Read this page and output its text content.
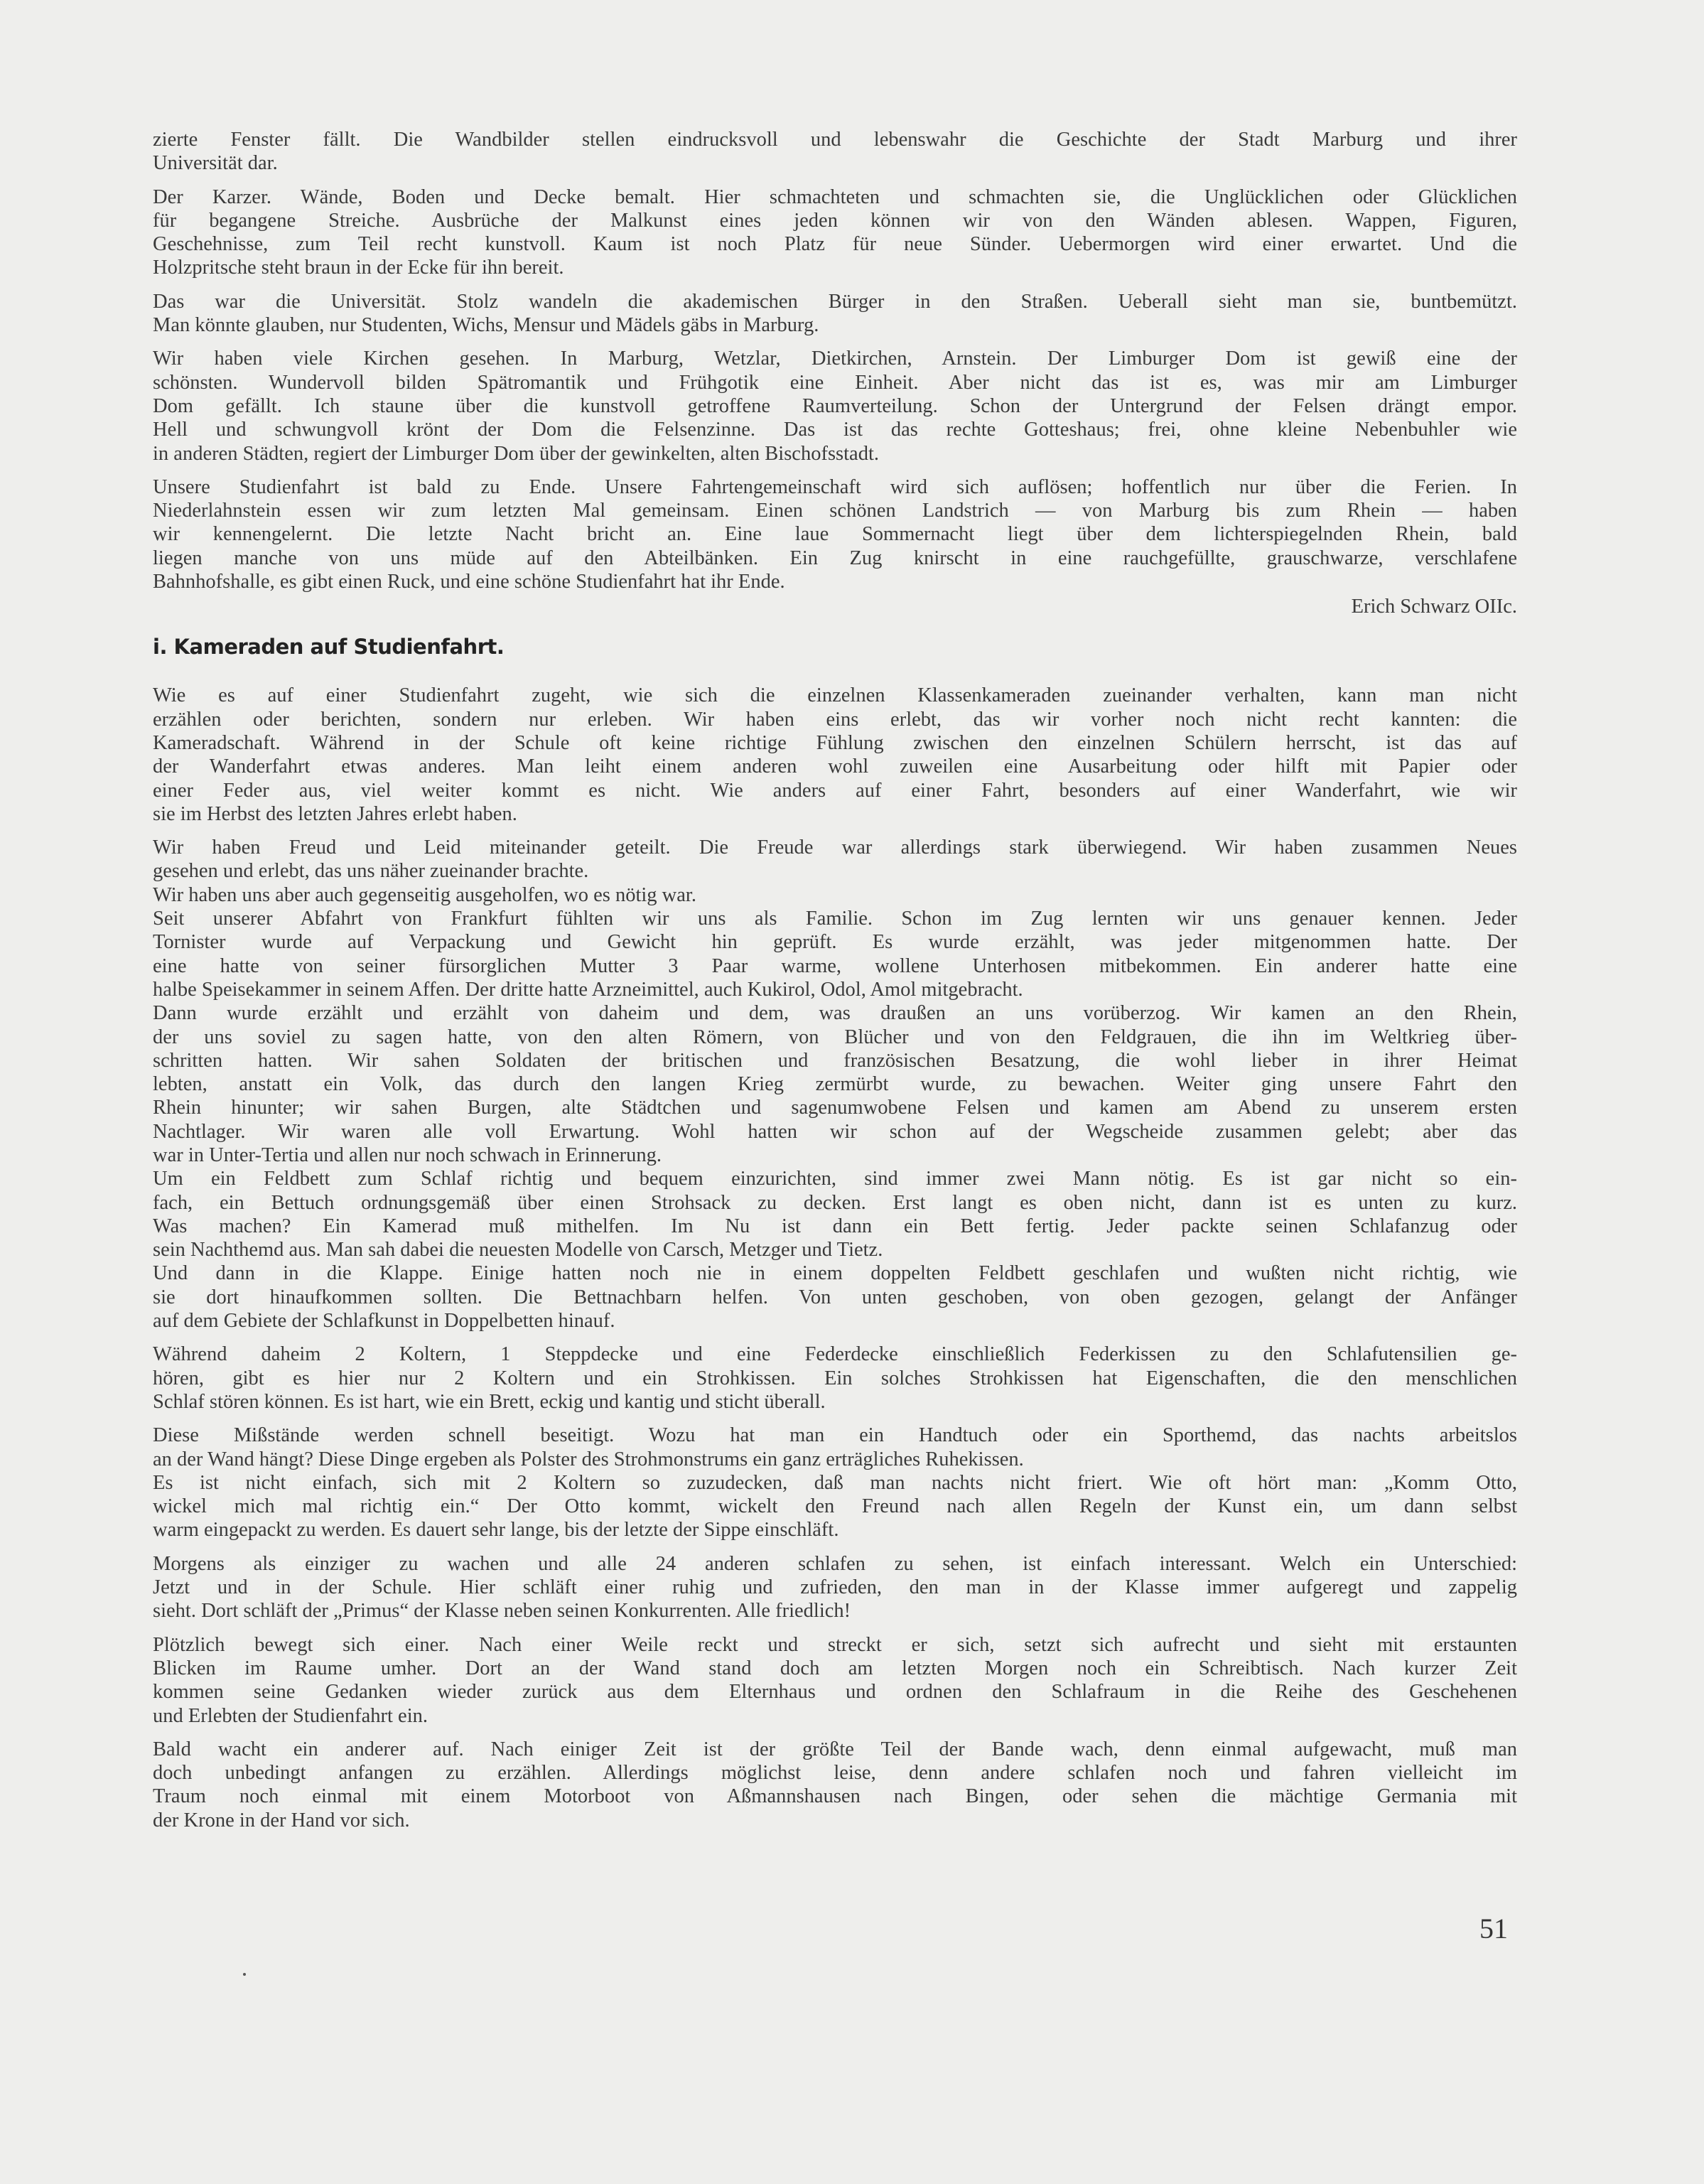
zierte Fenster fällt. Die Wandbilder stellen eindrucksvoll und lebenswahr die Geschichte der Stadt Marburg und ihrer
Universität dar.
Der Karzer. Wände, Boden und Decke bemalt. Hier schmachteten und schmachten sie, die Unglücklichen oder Glücklichen
für begangene Streiche. Ausbrüche der Malkunst eines jeden können wir von den Wänden ablesen. Wappen, Figuren,
Geschehnisse, zum Teil recht kunstvoll. Kaum ist noch Platz für neue Sünder. Uebermorgen wird einer erwartet. Und die
Holzpritsche steht braun in der Ecke für ihn bereit.
Das war die Universität. Stolz wandeln die akademischen Bürger in den Straßen. Ueberall sieht man sie, buntbemützt.
Man könnte glauben, nur Studenten, Wichs, Mensur und Mädels gäbs in Marburg.
Wir haben viele Kirchen gesehen. In Marburg, Wetzlar, Dietkirchen, Arnstein. Der Limburger Dom ist gewiß eine der
schönsten. Wundervoll bilden Spätromantik und Frühgotik eine Einheit. Aber nicht das ist es, was mir am Limburger
Dom gefällt. Ich staune über die kunstvoll getroffene Raumverteilung. Schon der Untergrund der Felsen drängt empor.
Hell und schwungvoll krönt der Dom die Felsenzinne. Das ist das rechte Gotteshaus; frei, ohne kleine Nebenbuhler wie
in anderen Städten, regiert der Limburger Dom über der gewinkelten, alten Bischofsstadt.
Unsere Studienfahrt ist bald zu Ende. Unsere Fahrtengemeinschaft wird sich auflösen; hoffentlich nur über die Ferien. In
Niederlahnstein essen wir zum letzten Mal gemeinsam. Einen schönen Landstrich — von Marburg bis zum Rhein — haben
wir kennengelernt. Die letzte Nacht bricht an. Eine laue Sommernacht liegt über dem lichterspiegelnden Rhein, bald
liegen manche von uns müde auf den Abteilbänken. Ein Zug knirscht in eine rauchgefüllte, grauschwarze, verschlafene
Bahnhofshalle, es gibt einen Ruck, und eine schöne Studienfahrt hat ihr Ende.
Erich Schwarz OIIc.
i. Kameraden auf Studienfahrt.
Wie es auf einer Studienfahrt zugeht, wie sich die einzelnen Klassenkameraden zueinander verhalten, kann man nicht
erzählen oder berichten, sondern nur erleben. Wir haben eins erlebt, das wir vorher noch nicht recht kannten: die
Kameradschaft. Während in der Schule oft keine richtige Fühlung zwischen den einzelnen Schülern herrscht, ist das auf
der Wanderfahrt etwas anderes. Man leiht einem anderen wohl zuweilen eine Ausarbeitung oder hilft mit Papier oder
einer Feder aus, viel weiter kommt es nicht. Wie anders auf einer Fahrt, besonders auf einer Wanderfahrt, wie wir
sie im Herbst des letzten Jahres erlebt haben.
Wir haben Freud und Leid miteinander geteilt. Die Freude war allerdings stark überwiegend. Wir haben zusammen Neues
gesehen und erlebt, das uns näher zueinander brachte.
Wir haben uns aber auch gegenseitig ausgeholfen, wo es nötig war.
Seit unserer Abfahrt von Frankfurt fühlten wir uns als Familie. Schon im Zug lernten wir uns genauer kennen. Jeder
Tornister wurde auf Verpackung und Gewicht hin geprüft. Es wurde erzählt, was jeder mitgenommen hatte. Der
eine hatte von seiner fürsorglichen Mutter 3 Paar warme, wollene Unterhosen mitbekommen. Ein anderer hatte eine
halbe Speisekammer in seinem Affen. Der dritte hatte Arzneimittel, auch Kukirol, Odol, Amol mitgebracht.
Dann wurde erzählt und erzählt von daheim und dem, was draußen an uns vorüberzog. Wir kamen an den Rhein,
der uns soviel zu sagen hatte, von den alten Römern, von Blücher und von den Feldgrauen, die ihn im Weltkrieg über-
schritten hatten. Wir sahen Soldaten der britischen und französischen Besatzung, die wohl lieber in ihrer Heimat
lebten, anstatt ein Volk, das durch den langen Krieg zermürbt wurde, zu bewachen. Weiter ging unsere Fahrt den
Rhein hinunter; wir sahen Burgen, alte Städtchen und sagenumwobene Felsen und kamen am Abend zu unserem ersten
Nachtlager. Wir waren alle voll Erwartung. Wohl hatten wir schon auf der Wegscheide zusammen gelebt; aber das
war in Unter-Tertia und allen nur noch schwach in Erinnerung.
Um ein Feldbett zum Schlaf richtig und bequem einzurichten, sind immer zwei Mann nötig. Es ist gar nicht so ein-
fach, ein Bettuch ordnungsgemäß über einen Strohsack zu decken. Erst langt es oben nicht, dann ist es unten zu kurz.
Was machen? Ein Kamerad muß mithelfen. Im Nu ist dann ein Bett fertig. Jeder packte seinen Schlafanzug oder
sein Nachthemd aus. Man sah dabei die neuesten Modelle von Carsch, Metzger und Tietz.
Und dann in die Klappe. Einige hatten noch nie in einem doppelten Feldbett geschlafen und wußten nicht richtig, wie
sie dort hinaufkommen sollten. Die Bettnachbarn helfen. Von unten geschoben, von oben gezogen, gelangt der Anfänger
auf dem Gebiete der Schlafkunst in Doppelbetten hinauf.
Während daheim 2 Koltern, 1 Steppdecke und eine Federdecke einschließlich Federkissen zu den Schlafutensilien ge-
hören, gibt es hier nur 2 Koltern und ein Strohkissen. Ein solches Strohkissen hat Eigenschaften, die den menschlichen
Schlaf stören können. Es ist hart, wie ein Brett, eckig und kantig und sticht überall.
Diese Mißstände werden schnell beseitigt. Wozu hat man ein Handtuch oder ein Sporthemd, das nachts arbeitslos
an der Wand hängt? Diese Dinge ergeben als Polster des Strohmonstrums ein ganz erträgliches Ruhekissen.
Es ist nicht einfach, sich mit 2 Koltern so zuzudecken, daß man nachts nicht friert. Wie oft hört man: „Komm Otto,
wickel mich mal richtig ein.“ Der Otto kommt, wickelt den Freund nach allen Regeln der Kunst ein, um dann selbst
warm eingepackt zu werden. Es dauert sehr lange, bis der letzte der Sippe einschläft.
Morgens als einziger zu wachen und alle 24 anderen schlafen zu sehen, ist einfach interessant. Welch ein Unterschied:
Jetzt und in der Schule. Hier schläft einer ruhig und zufrieden, den man in der Klasse immer aufgeregt und zappelig
sieht. Dort schläft der „Primus“ der Klasse neben seinen Konkurrenten. Alle friedlich!
Plötzlich bewegt sich einer. Nach einer Weile reckt und streckt er sich, setzt sich aufrecht und sieht mit erstaunten
Blicken im Raume umher. Dort an der Wand stand doch am letzten Morgen noch ein Schreibtisch. Nach kurzer Zeit
kommen seine Gedanken wieder zurück aus dem Elternhaus und ordnen den Schlafraum in die Reihe des Geschehenen
und Erlebten der Studienfahrt ein.
Bald wacht ein anderer auf. Nach einiger Zeit ist der größte Teil der Bande wach, denn einmal aufgewacht, muß man
doch unbedingt anfangen zu erzählen. Allerdings möglichst leise, denn andere schlafen noch und fahren vielleicht im
Traum noch einmal mit einem Motorboot von Aßmannshausen nach Bingen, oder sehen die mächtige Germania mit
der Krone in der Hand vor sich.
51
